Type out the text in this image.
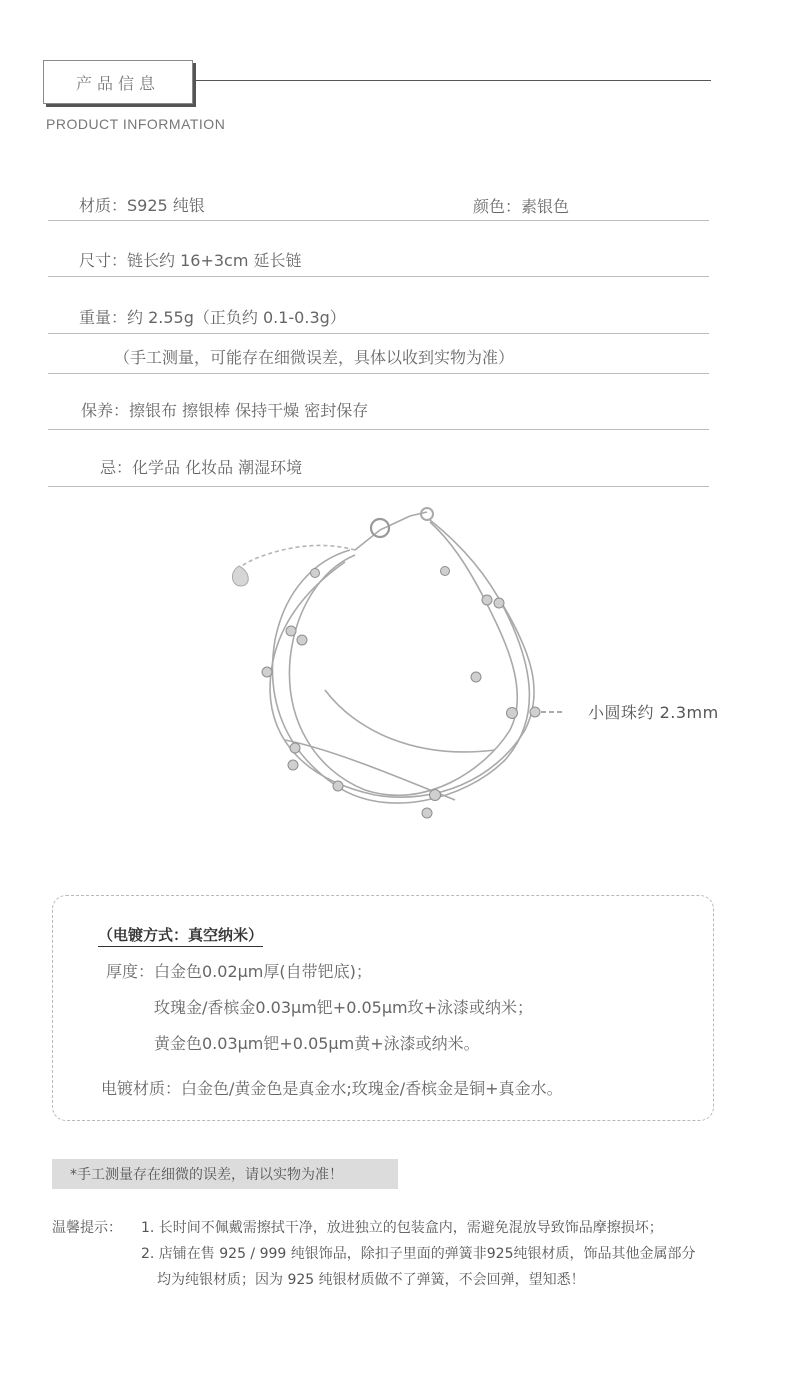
产品信息
PRODUCT INFORMATION
材质：S925 纯银	颜色：素银色
尺寸：链长约 16+3cm 延长链
重量：约 2.55g（正负约 0.1-0.3g）
（手工测量，可能存在细微误差，具体以收到实物为准）
保养：擦银布 擦银棒 保持干燥 密封保存
忌：化学品 化妆品 潮湿环境
小圆珠约 2.3mm
（电镀方式：真空纳米）
厚度：白金色0.02μm厚(自带钯底)；
玫瑰金/香槟金0.03μm钯+0.05μm玫+泳漆或纳米；
黄金色0.03μm钯+0.05μm黄+泳漆或纳米。
电镀材质：白金色/黄金色是真金水;玫瑰金/香槟金是铜+真金水。
*手工测量存在细微的误差，请以实物为准！
温馨提示： 1. 长时间不佩戴需擦拭干净，放进独立的包装盒内，需避免混放导致饰品摩擦损坏；
2. 店铺在售 925 / 999 纯银饰品，除扣子里面的弹簧非925纯银材质，饰品其他金属部分
均为纯银材质；因为 925 纯银材质做不了弹簧，不会回弹，望知悉！
